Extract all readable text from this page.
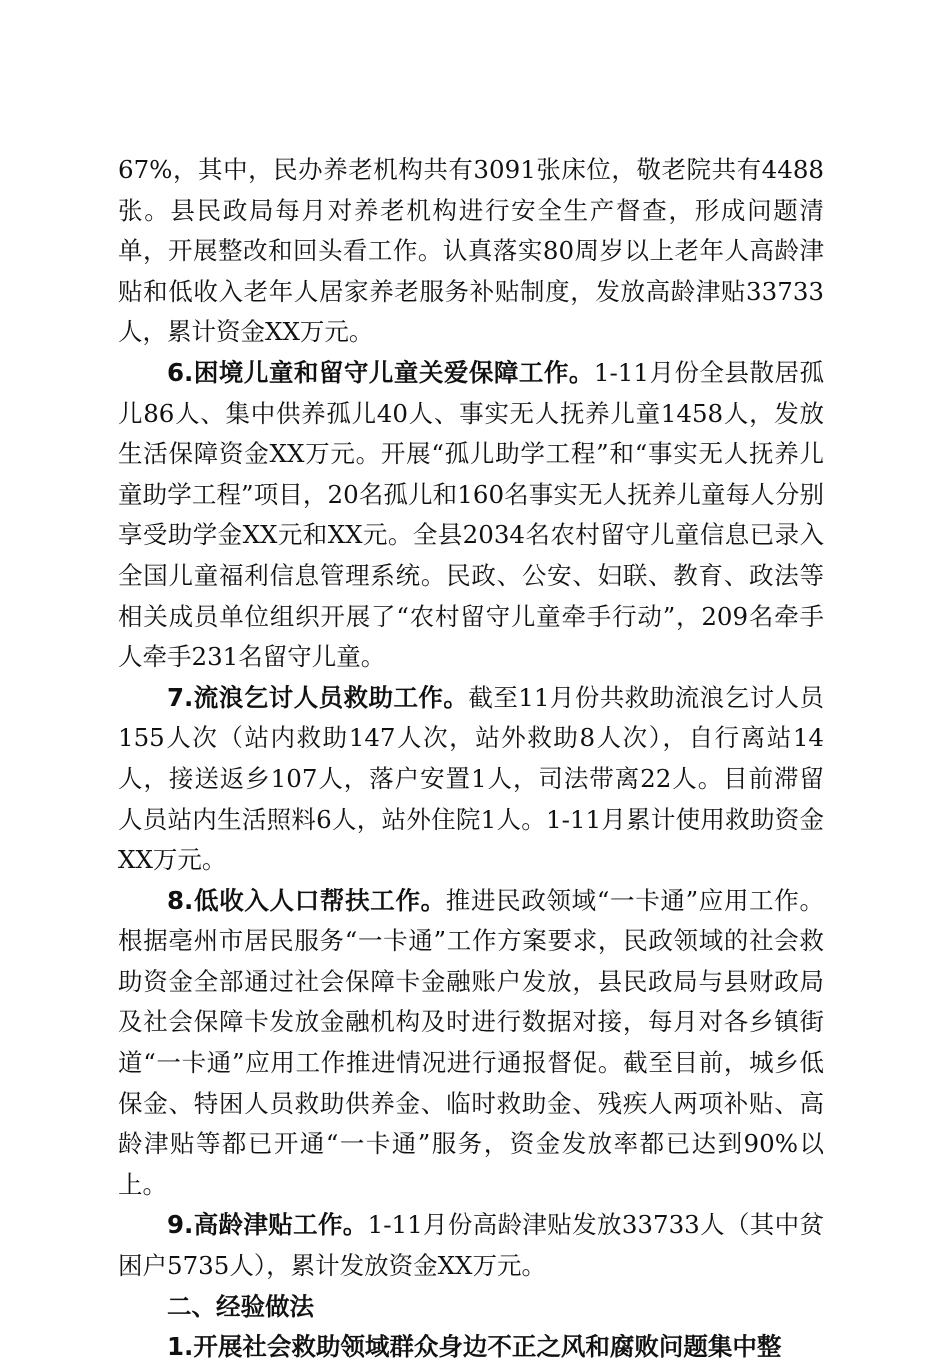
67%，其中，民办养老机构共有3091张床位，敬老院共有4488张。县民政局每月对养老机构进行安全生产督查，形成问题清单，开展整改和回头看工作。认真落实80周岁以上老年人高龄津贴和低收入老年人居家养老服务补贴制度，发放高龄津贴33733人，累计资金XX万元。

6.困境儿童和留守儿童关爱保障工作。1-11月份全县散居孤儿86人、集中供养孤儿40人、事实无人抚养儿童1458人，发放生活保障资金XX万元。开展“孤儿助学工程”和“事实无人抚养儿童助学工程”项目，20名孤儿和160名事实无人抚养儿童每人分别享受助学金XX元和XX元。全县2034名农村留守儿童信息已录入全国儿童福利信息管理系统。民政、公安、妇联、教育、政法等相关成员单位组织开展了“农村留守儿童牵手行动”，209名牵手人牵手231名留守儿童。

7.流浪乞讨人员救助工作。截至11月份共救助流浪乞讨人员155人次（站内救助147人次，站外救助8人次），自行离站14人，接送返乡107人，落户安置1人，司法带离22人。目前滞留人员站内生活照料6人，站外住院1人。1-11月累计使用救助资金XX万元。

8.低收入人口帮扶工作。推进民政领域“一卡通”应用工作。根据亳州市居民服务“一卡通”工作方案要求，民政领域的社会救助资金全部通过社会保障卡金融账户发放，县民政局与县财政局及社会保障卡发放金融机构及时进行数据对接，每月对各乡镇街道“一卡通”应用工作推进情况进行通报督促。截至目前，城乡低保金、特困人员救助供养金、临时救助金、残疾人两项补贴、高龄津贴等都已开通“一卡通”服务，资金发放率都已达到90%以上。

9.高龄津贴工作。1-11月份高龄津贴发放33733人（其中贫困户5735人），累计发放资金XX万元。

二、经验做法

1.开展社会救助领域群众身边不正之风和腐败问题集中整
